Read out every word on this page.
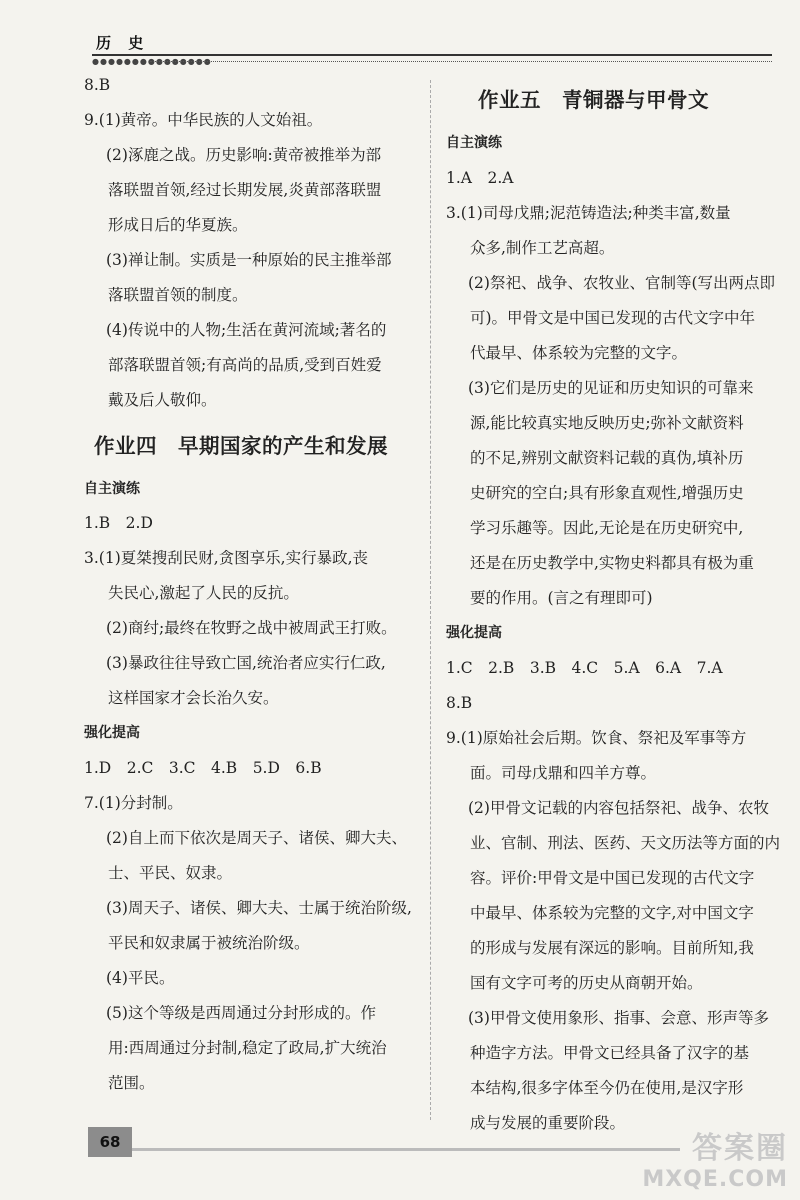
历 史
●●●●●●●●●●●●●●●
8.B
9.(1)黄帝。中华民族的人文始祖。
(2)涿鹿之战。历史影响:黄帝被推举为部
落联盟首领,经过长期发展,炎黄部落联盟
形成日后的华夏族。
(3)禅让制。实质是一种原始的民主推举部
落联盟首领的制度。
(4)传说中的人物;生活在黄河流域;著名的
部落联盟首领;有高尚的品质,受到百姓爱
戴及后人敬仰。
作业四　早期国家的产生和发展
自主演练
1.B　2.D
3.(1)夏桀搜刮民财,贪图享乐,实行暴政,丧
失民心,激起了人民的反抗。
(2)商纣;最终在牧野之战中被周武王打败。
(3)暴政往往导致亡国,统治者应实行仁政,
这样国家才会长治久安。
强化提高
1.D　2.C　3.C　4.B　5.D　6.B
7.(1)分封制。
(2)自上而下依次是周天子、诸侯、卿大夫、
士、平民、奴隶。
(3)周天子、诸侯、卿大夫、士属于统治阶级,
平民和奴隶属于被统治阶级。
(4)平民。
(5)这个等级是西周通过分封形成的。作
用:西周通过分封制,稳定了政局,扩大统治
范围。
作业五　青铜器与甲骨文
自主演练
1.A　2.A
3.(1)司母戊鼎;泥范铸造法;种类丰富,数量
众多,制作工艺高超。
(2)祭祀、战争、农牧业、官制等(写出两点即
可)。甲骨文是中国已发现的古代文字中年
代最早、体系较为完整的文字。
(3)它们是历史的见证和历史知识的可靠来
源,能比较真实地反映历史;弥补文献资料
的不足,辨别文献资料记载的真伪,填补历
史研究的空白;具有形象直观性,增强历史
学习乐趣等。因此,无论是在历史研究中,
还是在历史教学中,实物史料都具有极为重
要的作用。(言之有理即可)
强化提高
1.C　2.B　3.B　4.C　5.A　6.A　7.A
8.B
9.(1)原始社会后期。饮食、祭祀及军事等方
面。司母戊鼎和四羊方尊。
(2)甲骨文记载的内容包括祭祀、战争、农牧
业、官制、刑法、医药、天文历法等方面的内
容。评价:甲骨文是中国已发现的古代文字
中最早、体系较为完整的文字,对中国文字
的形成与发展有深远的影响。目前所知,我
国有文字可考的历史从商朝开始。
(3)甲骨文使用象形、指事、会意、形声等多
种造字方法。甲骨文已经具备了汉字的基
本结构,很多字体至今仍在使用,是汉字形
成与发展的重要阶段。
68	答案圈
MXQE.COM
